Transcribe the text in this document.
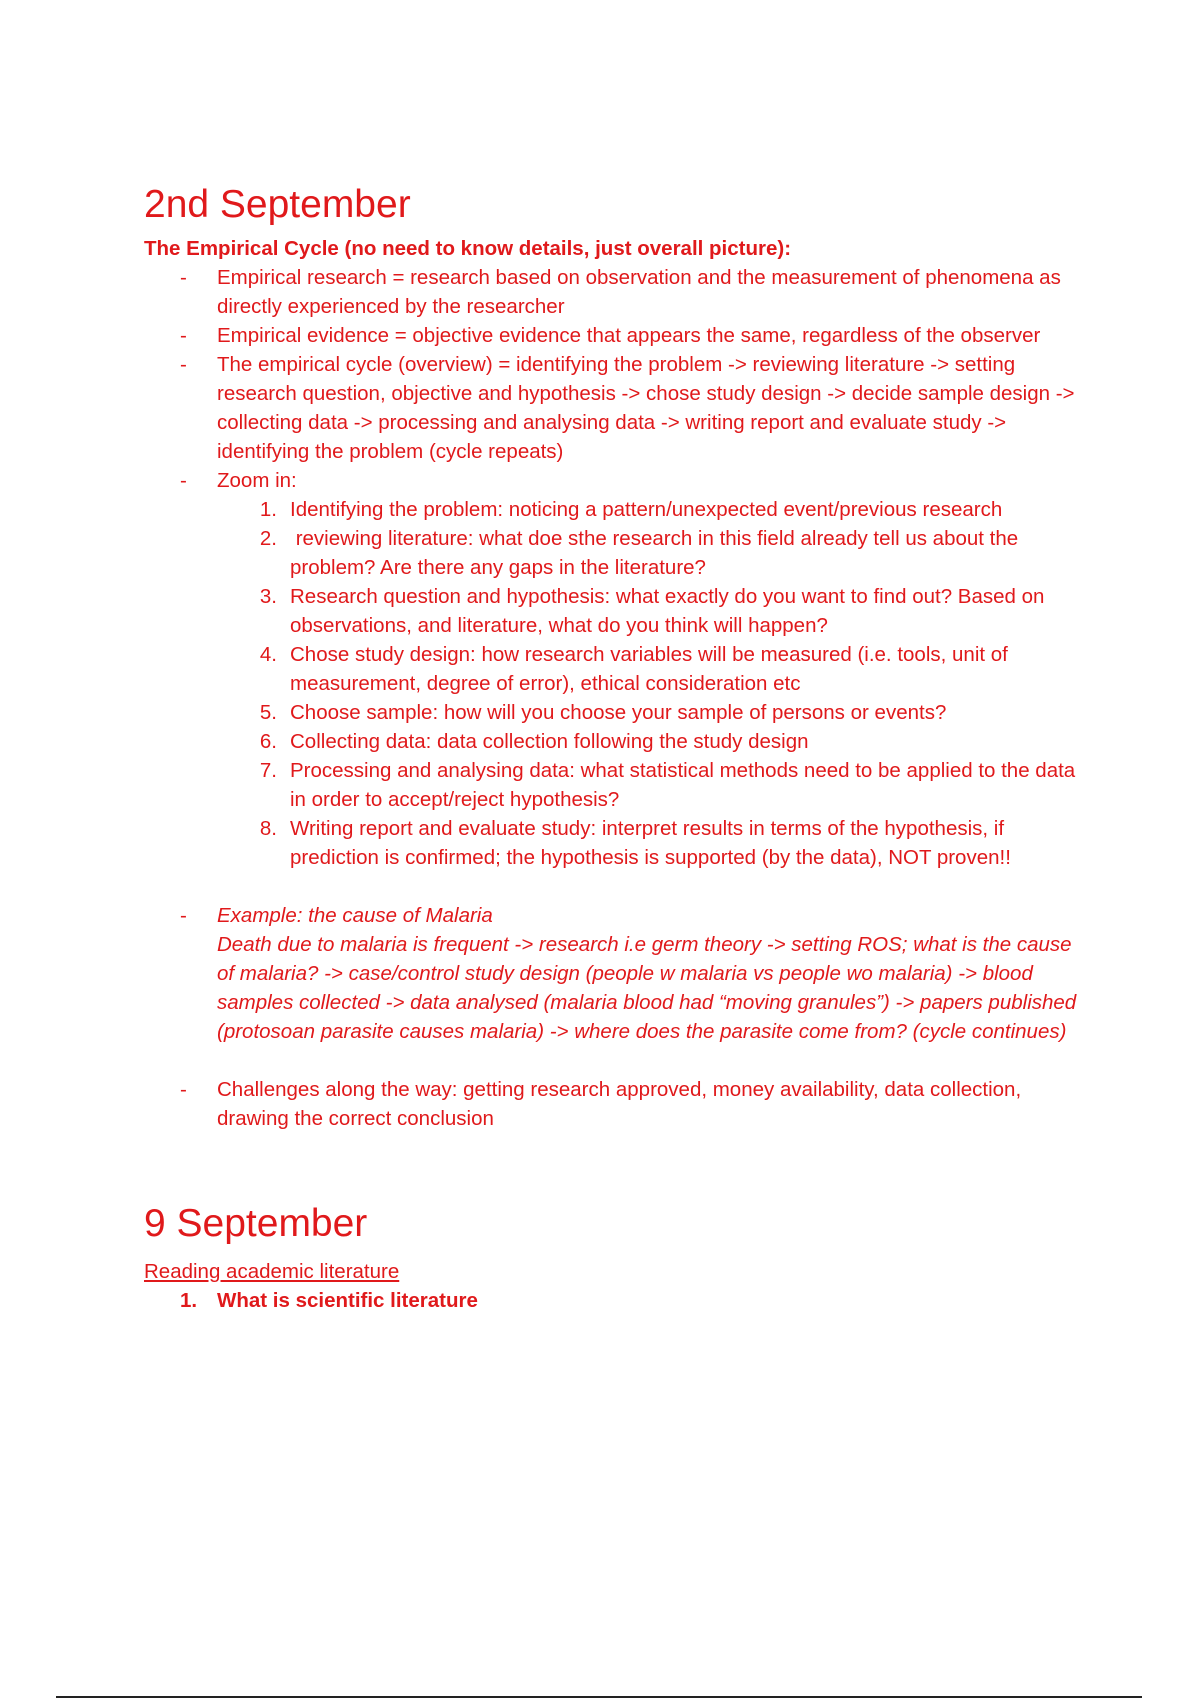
2nd September
The Empirical Cycle (no need to know details, just overall picture):
- Empirical research = research based on observation and the measurement of phenomena as directly experienced by the researcher
- Empirical evidence = objective evidence that appears the same, regardless of the observer
- The empirical cycle (overview) = identifying the problem -> reviewing literature -> setting research question, objective and hypothesis -> chose study design -> decide sample design -> collecting data -> processing and analysing data -> writing report and evaluate study -> identifying the problem (cycle repeats)
- Zoom in:
1. Identifying the problem: noticing a pattern/unexpected event/previous research
2. reviewing literature: what doe sthe research in this field already tell us about the problem? Are there any gaps in the literature?
3. Research question and hypothesis: what exactly do you want to find out? Based on observations, and literature, what do you think will happen?
4. Chose study design: how research variables will be measured (i.e. tools, unit of measurement, degree of error), ethical consideration etc
5. Choose sample: how will you choose your sample of persons or events?
6. Collecting data: data collection following the study design
7. Processing and analysing data: what statistical methods need to be applied to the data in order to accept/reject hypothesis?
8. Writing report and evaluate study: interpret results in terms of the hypothesis, if prediction is confirmed; the hypothesis is supported (by the data), NOT proven!!
- Example: the cause of Malaria
Death due to malaria is frequent -> research i.e germ theory -> setting ROS; what is the cause of malaria? -> case/control study design (people w malaria vs people wo malaria) -> blood samples collected -> data analysed (malaria blood had “moving granules”) -> papers published (protosoan parasite causes malaria) -> where does the parasite come from? (cycle continues)
- Challenges along the way: getting research approved, money availability, data collection, drawing the correct conclusion
9 September
Reading academic literature
1. What is scientific literature
